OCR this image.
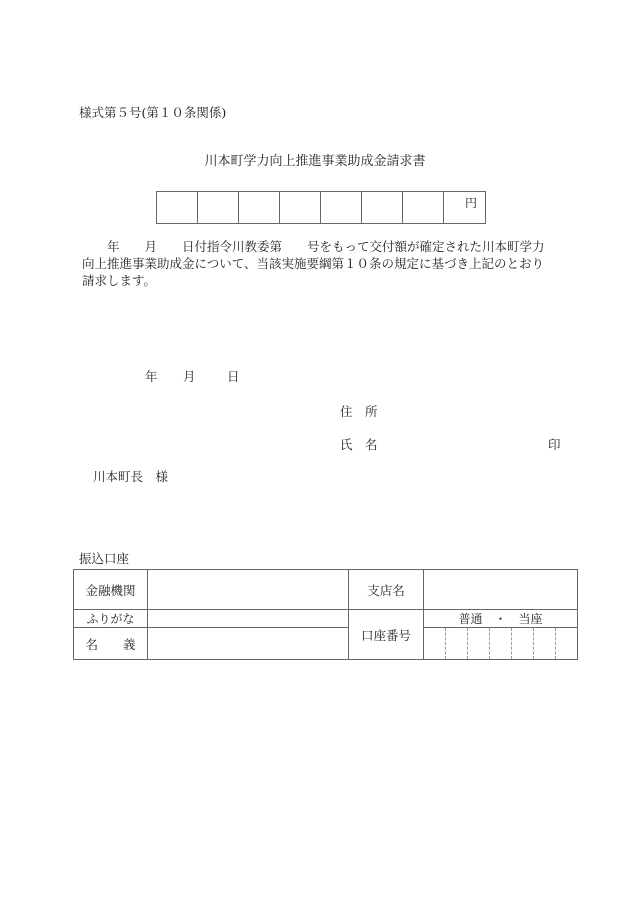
様式第５号(第１０条関係)
川本町学力向上推進事業助成金請求書
							円
　　年　　月　　日付指令川教委第　　号をもって交付額が確定された川本町学力
向上推進事業助成金について、当該実施要綱第１０条の規定に基づき上記のとおり
請求します。
年 月	日
住　所
氏　名	印
川本町長　様
振込口座
金融機関		支店名	
ふりがな		口座番号	普通　・　当座
名　　義			
